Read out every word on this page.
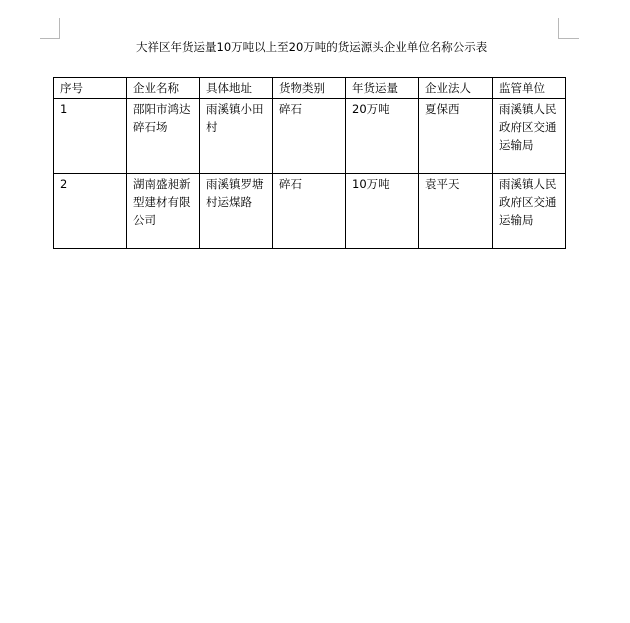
大祥区年货运量10万吨以上至20万吨的货运源头企业单位名称公示表
序号	企业名称	具体地址	货物类别	年货运量	企业法人	监管单位
1	邵阳市鸿达碎石场	雨溪镇小田村	碎石	20万吨	夏保西	雨溪镇人民政府区交通运输局
2	湖南盛昶新型建材有限公司	雨溪镇罗塘村运煤路	碎石	10万吨	袁平天	雨溪镇人民政府区交通运输局
